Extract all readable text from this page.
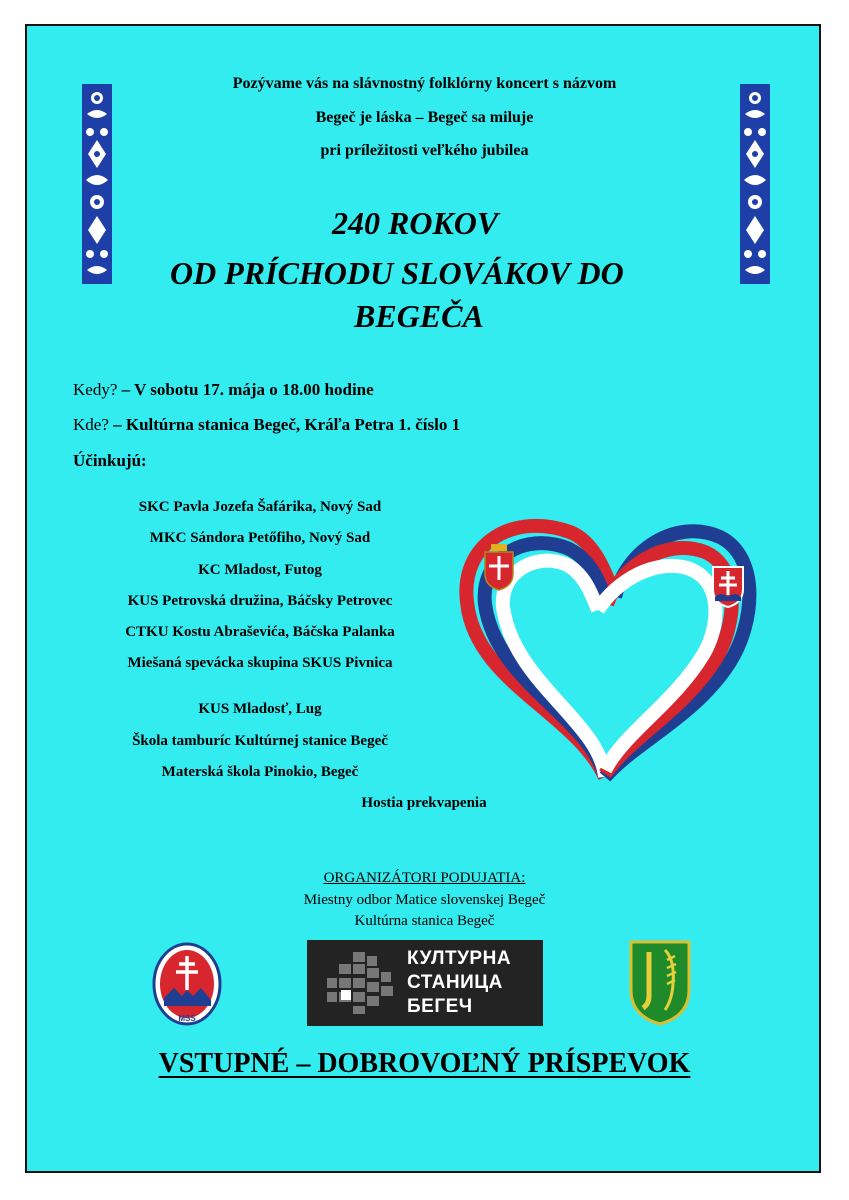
Pozývame vás na slávnostný folklórny koncert s názvom
Begeč je láska – Begeč sa miluje
pri príležitosti veľkého jubilea
240 ROKOV
OD PRÍCHODU SLOVÁKOV DO
BEGEČA
Kedy? – V sobotu 17. mája o 18.00 hodine
Kde? – Kultúrna stanica Begeč, Kráľa Petra 1. číslo 1
Účinkujú:
SKC Pavla Jozefa Šafárika, Nový Sad
MKC Sándora Petőfiho, Nový Sad
KC Mladost, Futog
KUS Petrovská družina, Báčsky Petrovec
CTKU Kostu Abraševića, Báčska Palanka
Miešaná spevácka skupina SKUS Pivnica
KUS Mladosť, Lug
Škola tamburíc Kultúrnej stanice Begeč
Materská škola Pinokio, Begeč
Hostia prekvapenia
ORGANIZÁTORI PODUJATIA:
Miestny odbor Matice slovenskej Begeč
Kultúrna stanica Begeč
MSS
КУЛТУРНА
СТАНИЦА
БЕГЕЧ
VSTUPNÉ – DOBROVOĽNÝ PRÍSPEVOK
